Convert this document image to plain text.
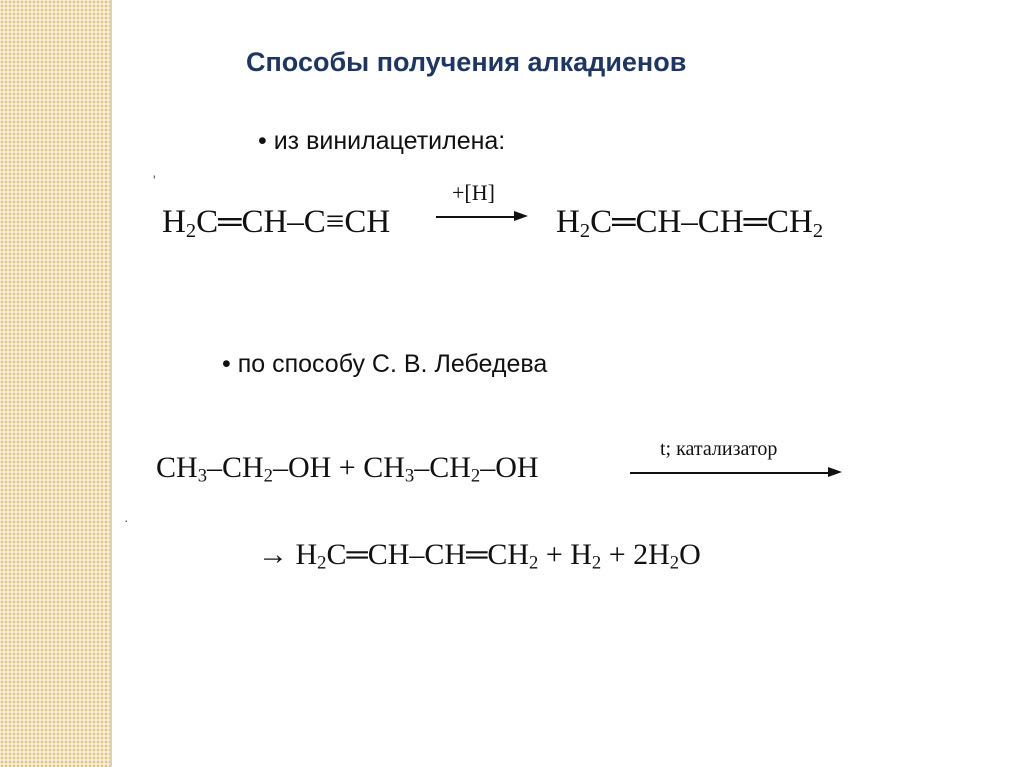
Способы получения алкадиенов
• из винилацетилена:
'
$H_2C═CH-C\equiv CH$
+[H]
$H_2C═CH-CH═CH_2$
• по способу С. В. Лебедева
$CH_3-CH_2-OH + CH_3-CH_2-OH$
t; катализатор
·
→ $H_2C═CH-CH═CH_2 + H_2 + 2H_2O$
